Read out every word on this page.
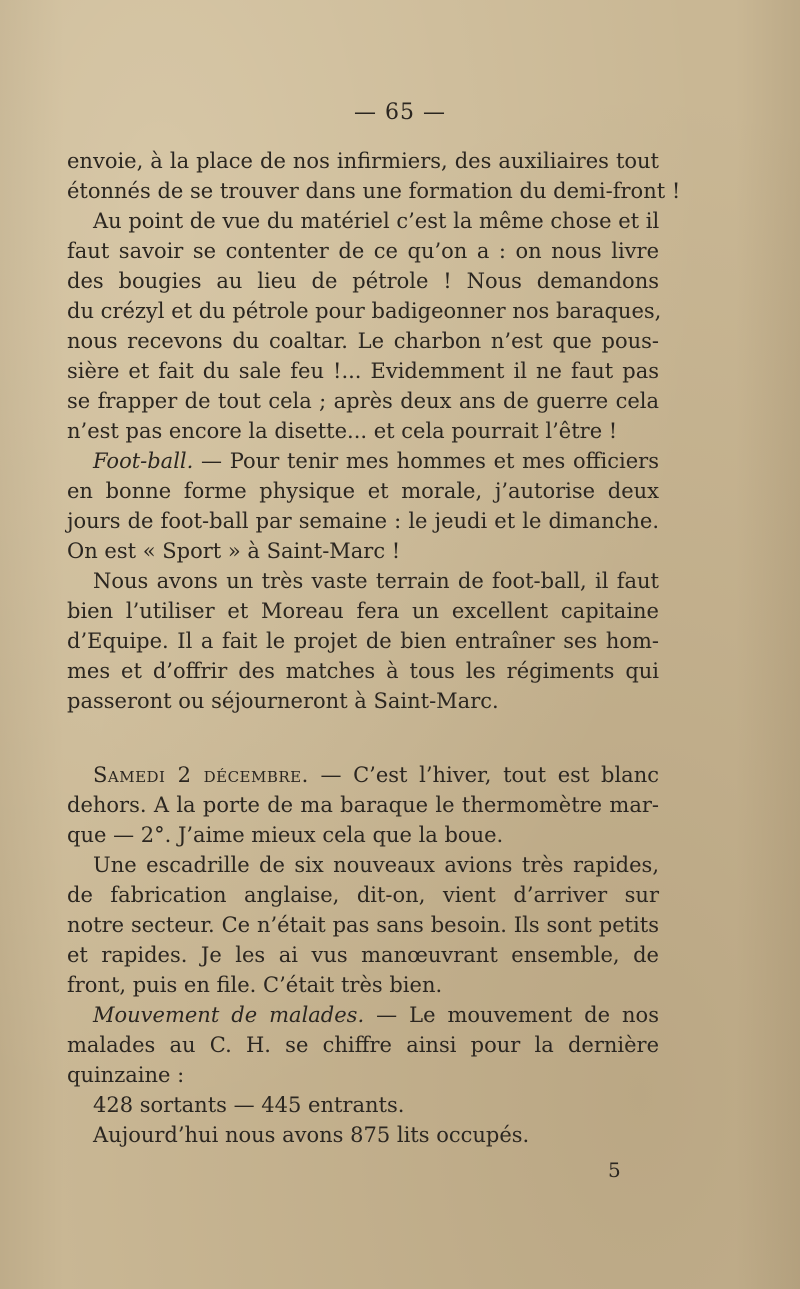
— 65 —
envoie, à la place de nos infirmiers, des auxiliaires tout
étonnés de se trouver dans une formation du demi-front !
Au point de vue du matériel c’est la même chose et il
faut savoir se contenter de ce qu’on a : on nous livre
des bougies au lieu de pétrole ! Nous demandons
du crézyl et du pétrole pour badigeonner nos baraques,
nous recevons du coaltar. Le charbon n’est que pous-
sière et fait du sale feu !... Evidemment il ne faut pas
se frapper de tout cela ; après deux ans de guerre cela
n’est pas encore la disette... et cela pourrait l’être !
Foot-ball. — Pour tenir mes hommes et mes officiers
en bonne forme physique et morale, j’autorise deux
jours de foot-ball par semaine : le jeudi et le dimanche.
On est « Sport » à Saint-Marc !
Nous avons un très vaste terrain de foot-ball, il faut
bien l’utiliser et Moreau fera un excellent capitaine
d’Equipe. Il a fait le projet de bien entraîner ses hom-
mes et d’offrir des matches à tous les régiments qui
passeront ou séjourneront à Saint-Marc.
Samedi 2 décembre. — C’est l’hiver, tout est blanc
dehors. A la porte de ma baraque le thermomètre mar-
que — 2°. J’aime mieux cela que la boue.
Une escadrille de six nouveaux avions très rapides,
de fabrication anglaise, dit-on, vient d’arriver sur
notre secteur. Ce n’était pas sans besoin. Ils sont petits
et rapides. Je les ai vus manœuvrant ensemble, de
front, puis en file. C’était très bien.
Mouvement de malades. — Le mouvement de nos
malades au C. H. se chiffre ainsi pour la dernière
quinzaine :
428 sortants — 445 entrants.
Aujourd’hui nous avons 875 lits occupés.
5
